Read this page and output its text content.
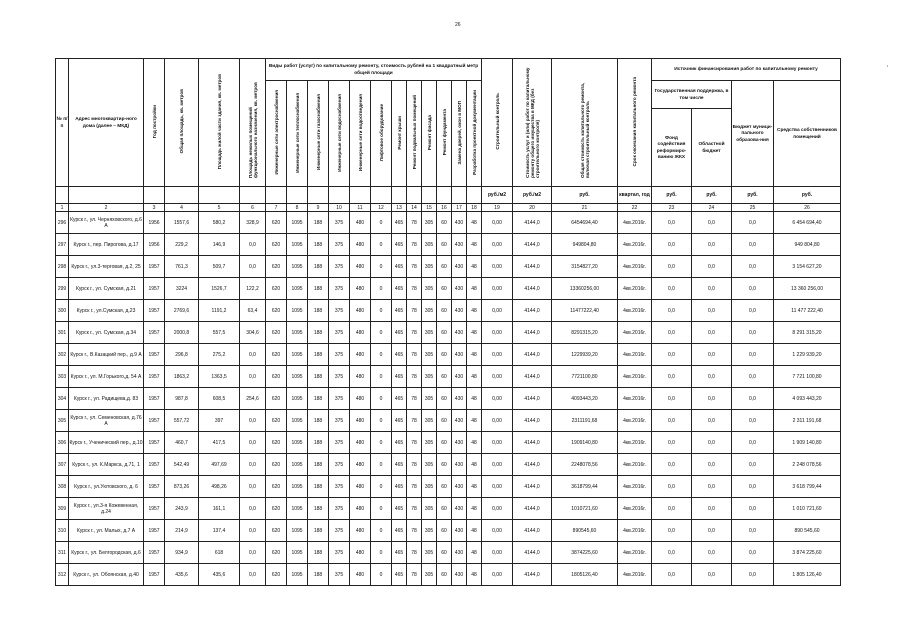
26
ʼ
№ п/п	Адрес многоквартир-ного дома (далее – МКД)	Год постройки	Общая площадь, кв. метров	Площадь жилой части здания, кв. метров	Площадь нежилых помещений функционального назначения, кв. метров	Виды работ (услуг) по капитальному ремонту, стоимость рублей на 1 квадратный метр общей площади												Строительный контроль	Стоимость услуг и (или) работ по капитальному ремонту общего имущества в МКД (без строительного контроля)	Общая стоимость капитального ремонта, включая строительный контроль	Срок окончания капитального ремонта	Источник финансирования работ по капитальному ремонту			
						Инженерные сети электроснабжения	Инженерные сети теплоснабжения	Инженерные сети газоснабжения	Инженерные сети водоснабжения	Инженерные сети водоотведения	Лифтовое оборудование	Ремонт крыши	Ремонт подвальных помещений	Ремонт фасада	Ремонт фундамента	Замена дверей, окон в МОП	Разработка проектной документации					Государственная поддержка, в том числе		Бюджет муници-пального образова-ния	Средства собственников помещений
																						Фонд содействия реформиро-ванию ЖКХ	Областной бюджет		
																		руб./м2	руб./м2	руб.	квартал, год	руб.	руб.	руб.	руб.
1	2	3	4	5	6	7	8	9	10	11	12	13	14	15	16	17	18	19	20	21	22	23	24	25	26
296	Курск г., ул. Черняховского, д.6 А	1956	1557,6	580,2	328,9	620	1095	188	375	480	0	465	78	305	60	430	48	0,00	4144,0	6454694,40	4кв.2016г.	0,0	0,0	0,0	6 454 694,40
297	Курск г., пер. Пирогова, д.17	1956	229,2	146,9	0,0	620	1095	188	375	480	0	465	78	305	60	430	48	0,00	4144,0	949804,80	4кв.2016г.	0,0	0,0	0,0	949 804,80
298	Курск г., ул.3-терговая, д.2, 25	1957	761,3	509,7	0,0	620	1095	188	375	480	0	465	78	305	60	430	48	0,00	4144,0	3154827,20	4кв.2016г.	0,0	0,0	0,0	3 154 627,20
299	Курск г., ул. Сумская, д.21	1957	3224	1526,7	122,2	620	1095	188	375	480	0	465	78	305	60	430	48	0,00	4144,0	13360256,00	4кв.2016г.	0,0	0,0	0,0	13 360 256,00
300	Курск г., ул.Сумская, д.23	1957	2769,6	1191,2	63,4	620	1095	188	375	480	0	465	78	305	60	430	48	0,00	4144,0	11477222,40	4кв.2016г.	0,0	0,0	0,0	11 477 222,40
301	Курск г., ул. Сумская, д.34	1957	2000,8	557,5	304,6	620	1095	188	375	480	0	465	78	305	60	430	48	0,00	4144,0	8291315,20	4кв.2016г.	0,0	0,0	0,0	8 291 315,20
302	Курск г., В.Казацкий пер., д.9 А	1957	296,8	275,2	0,0	620	1095	188	375	480	0	465	78	305	60	430	48	0,00	4144,0	1229939,20	4кв.2016г.	0,0	0,0	0,0	1 229 939,20
303	Курск г., ул. М.Горького,д. 54 А	1957	1863,2	1363,5	0,0	620	1095	188	375	480	0	465	78	305	60	430	48	0,00	4144,0	7721100,80	4кв.2016г.	0,0	0,0	0,0	7 721 100,80
304	Курск г., ул. Радищева,д. 83	1957	987,8	608,5	254,6	620	1095	188	375	480	0	465	78	305	60	430	48	0,00	4144,0	4093443,20	4кв.2016г.	0,0	0,0	0,0	4 093 443,20
305	Курск г., ул. Семеновская, д.76 А	1957	557,72	397	0,0	620	1095	188	375	480	0	465	78	305	60	430	48	0,00	4144,0	2311191,68	4кв.2016г.	0,0	0,0	0,0	2 311 191,68
306	Курск г., Ученический пер., д.10	1957	460,7	417,5	0,0	620	1095	188	375	480	0	465	78	305	60	430	48	0,00	4144,0	1909140,80	4кв.2016г.	0,0	0,0	0,0	1 909 140,80
307	Курск г., ул. К.Маркса, д.71, 1	1957	542,49	497,69	0,0	620	1095	188	375	480	0	465	78	305	60	430	48	0,00	4144,0	2248078,56	4кв.2016г.	0,0	0,0	0,0	2 248 078,56
308	Курск г., ул.Уютовского, д. 6	1957	873,26	498,26	0,0	620	1095	188	375	480	0	465	78	305	60	430	48	0,00	4144,0	3618799,44	4кв.2016г.	0,0	0,0	0,0	3 618 799,44
309	Курск г., ул.3-я Кожевенная, д.24	1957	243,9	161,1	0,0	620	1095	188	375	480	0	465	78	305	60	430	48	0,00	4144,0	1010721,60	4кв.2016г.	0,0	0,0	0,0	1 010 721,60
310	Курск г., ул. Малых, д.7 А	1957	214,9	137,4	0,0	620	1095	188	375	480	0	465	78	305	60	430	48	0,00	4144,0	890545,60	4кв.2016г.	0,0	0,0	0,0	890 545,60
311	Курск г., ул. Белгородская, д.6	1957	934,9	618	0,0	620	1095	188	375	480	0	465	78	305	60	430	48	0,00	4144,0	3874225,60	4кв.2016г.	0,0	0,0	0,0	3 874 225,60
312	Курск г., ул. Обоянская, д.40	1957	435,6	435,6	0,0	620	1095	188	375	480	0	465	78	305	60	430	48	0,00	4144,0	1805126,40	4кв.2016г.	0,0	0,0	0,0	1 805 126,40
